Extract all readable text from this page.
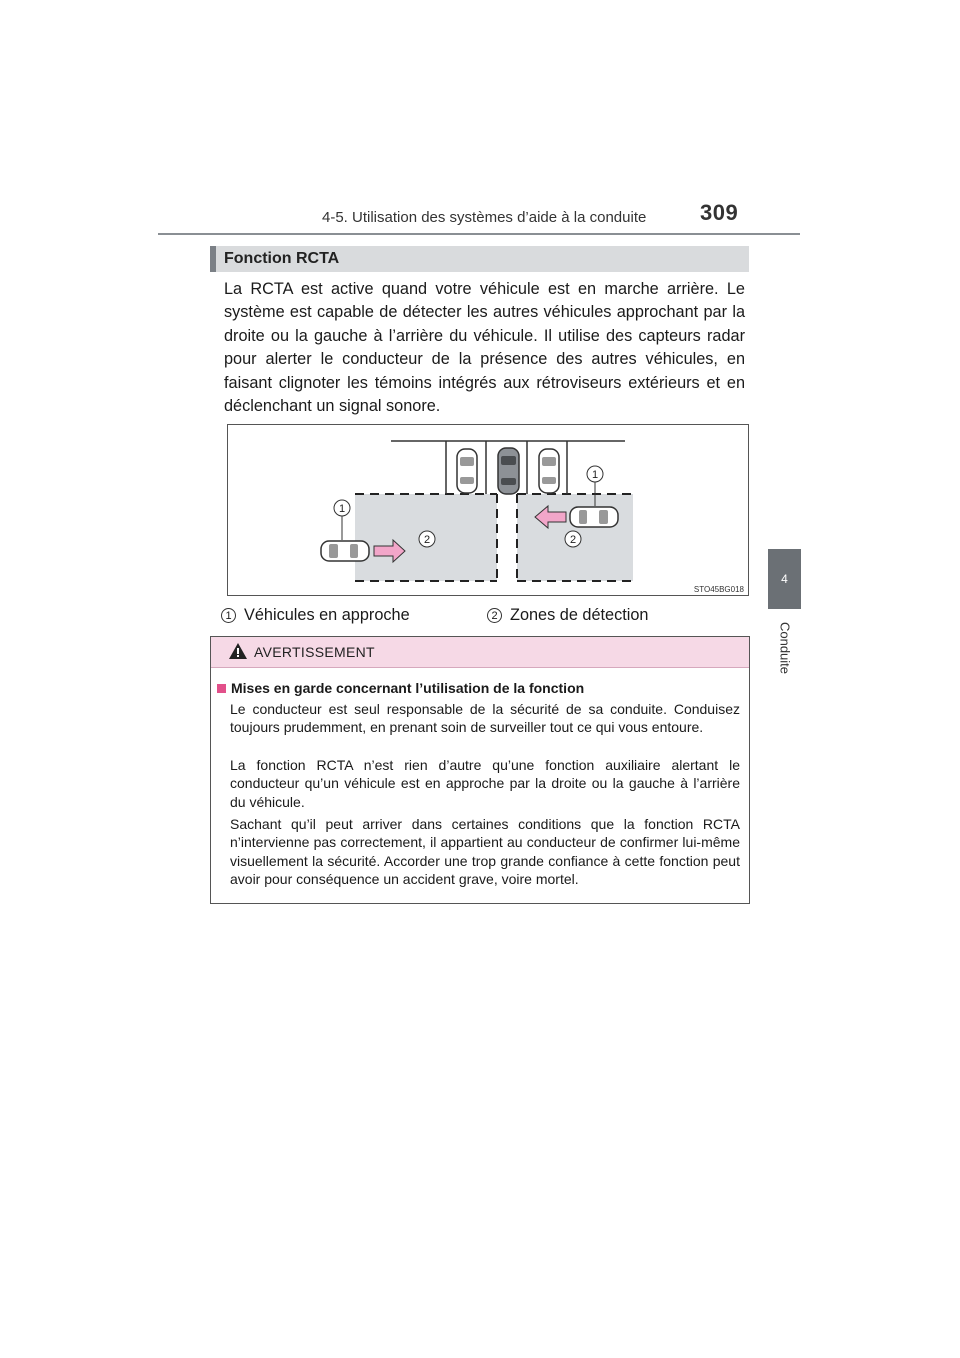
4-5. Utilisation des systèmes d’aide à la conduite 309
4
Conduite
Fonction RCTA
La RCTA est active quand votre véhicule est en marche arrière. Le système est capable de détecter les autres véhicules approchant par la droite ou la gauche à l’arrière du véhicule. Il utilise des capteurs radar pour alerter le conducteur de la présence des autres véhicules, en faisant clignoter les témoins intégrés aux rétroviseurs extérieurs et en déclenchant un signal sonore.
1
1
2	2
STO45BG018
1 Véhicules en approche	2 Zones de détection
AVERTISSEMENT
Mises en garde concernant l’utilisation de la fonction
Le conducteur est seul responsable de la sécurité de sa conduite. Conduisez toujours prudemment, en prenant soin de surveiller tout ce qui vous entoure.
La fonction RCTA n’est rien d’autre qu’une fonction auxiliaire alertant le conducteur qu’un véhicule est en approche par la droite ou la gauche à l’arrière du véhicule.
Sachant qu’il peut arriver dans certaines conditions que la fonction RCTA n’intervienne pas correctement, il appartient au conducteur de confirmer lui-même visuellement la sécurité. Accorder une trop grande confiance à cette fonction peut avoir pour conséquence un accident grave, voire mortel.
